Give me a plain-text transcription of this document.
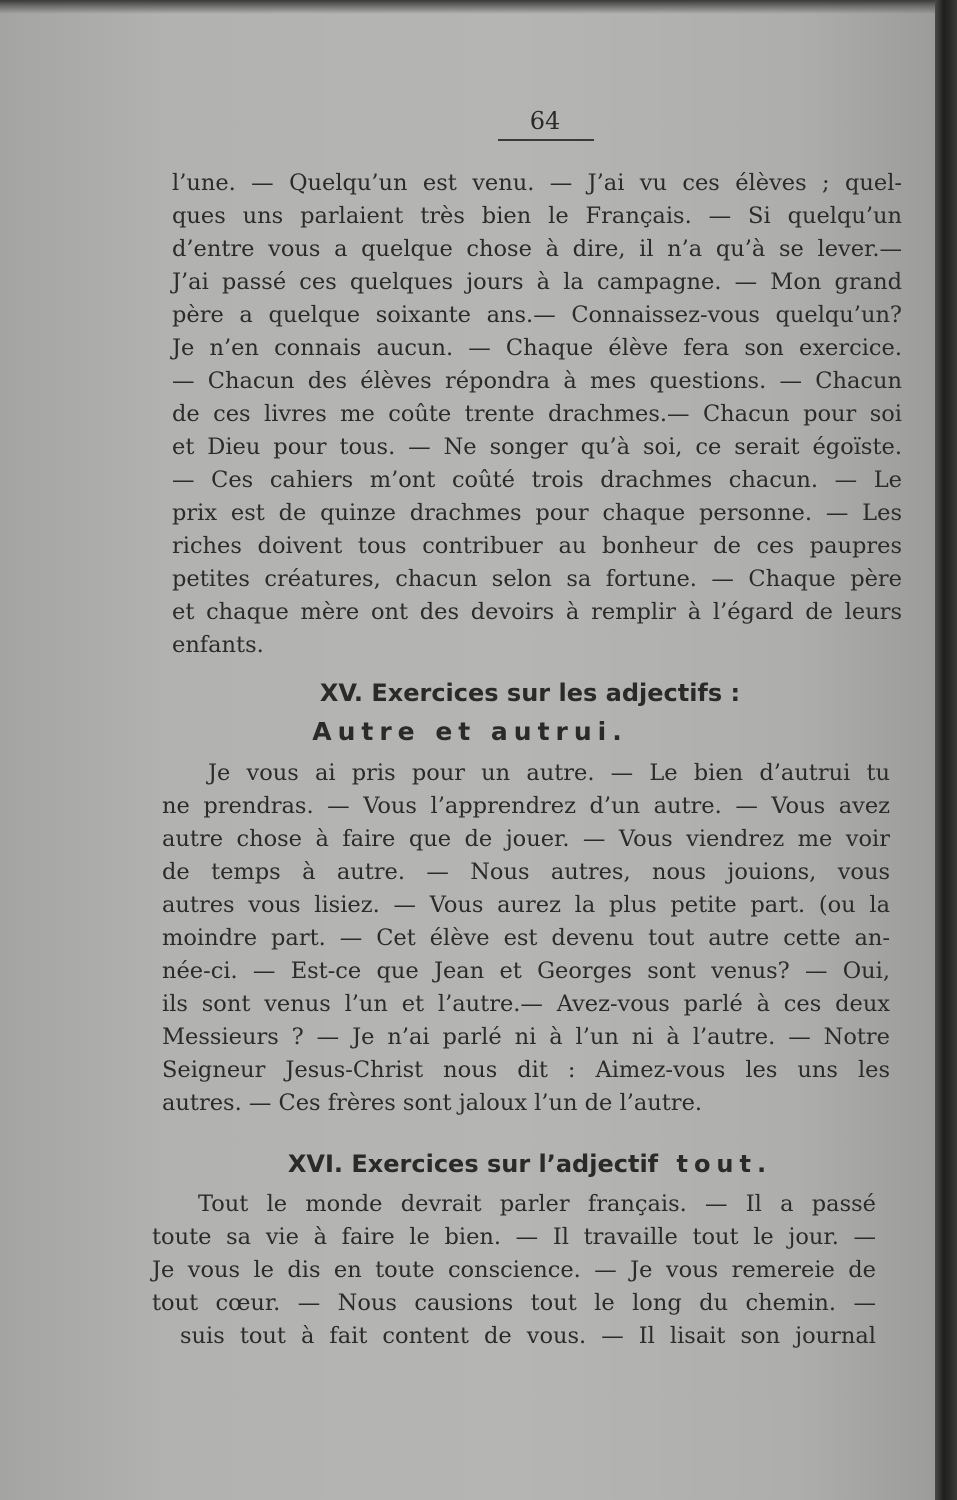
64
l’une. — Quelqu’un est venu. — J’ai vu ces élèves ; quel-
ques uns parlaient très bien le Français. — Si quelqu’un
d’entre vous a quelque chose à dire, il n’a qu’à se lever.—
J’ai passé ces quelques jours à la campagne. — Mon grand
père a quelque soixante ans.— Connaissez-vous quelqu’un?
Je n’en connais aucun. — Chaque élève fera son exercice.
— Chacun des élèves répondra à mes questions. — Chacun
de ces livres me coûte trente drachmes.— Chacun pour soi
et Dieu pour tous. — Ne songer qu’à soi, ce serait égoïste.
— Ces cahiers m’ont coûté trois drachmes chacun. — Le
prix est de quinze drachmes pour chaque personne. — Les
riches doivent tous contribuer au bonheur de ces paupres
petites créatures, chacun selon sa fortune. — Chaque père
et chaque mère ont des devoirs à remplir à l’égard de leurs
enfants.
XV. Exercices sur les adjectifs :
Autre et autrui.
Je vous ai pris pour un autre. — Le bien d’autrui tu
ne prendras. — Vous l’apprendrez d’un autre. — Vous avez
autre chose à faire que de jouer. — Vous viendrez me voir
de temps à autre. — Nous autres, nous jouions, vous
autres vous lisiez. — Vous aurez la plus petite part. (ou la
moindre part. — Cet élève est devenu tout autre cette an-
née-ci. — Est-ce que Jean et Georges sont venus? — Oui,
ils sont venus l’un et l’autre.— Avez-vous parlé à ces deux
Messieurs ? — Je n’ai parlé ni à l’un ni à l’autre. — Notre
Seigneur Jesus-Christ nous dit : Aimez-vous les uns les
autres. — Ces frères sont jaloux l’un de l’autre.
XVI. Exercices sur l’adjectif tout.
Tout le monde devrait parler français. — Il a passé
toute sa vie à faire le bien. — Il travaille tout le jour. —
Je vous le dis en toute conscience. — Je vous remereie de
tout cœur. — Nous causions tout le long du chemin. —
suis tout à fait content de vous. — Il lisait son journal
